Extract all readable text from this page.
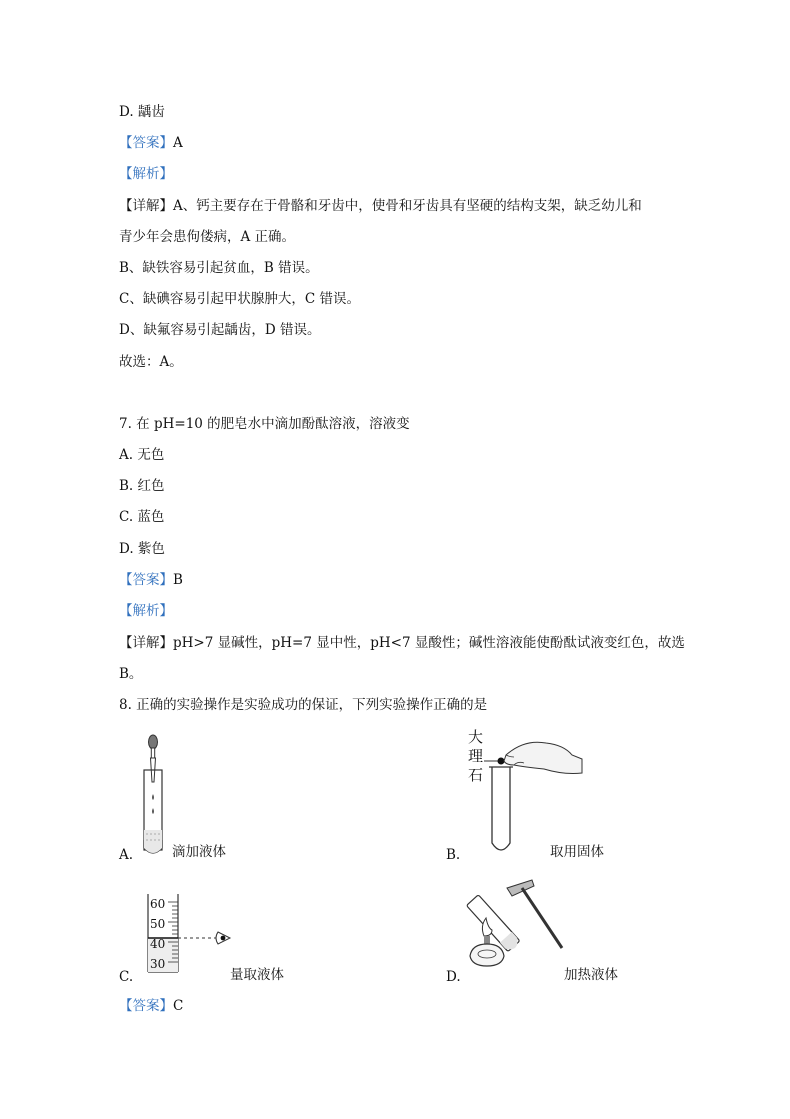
D. 龋齿
【答案】A
【解析】
【详解】A、钙主要存在于骨骼和牙齿中，使骨和牙齿具有坚硬的结构支架，缺乏幼儿和
青少年会患佝偻病，A 正确。
B、缺铁容易引起贫血，B 错误。
C、缺碘容易引起甲状腺肿大，C 错误。
D、缺氟容易引起龋齿，D 错误。
故选：A。
7. 在 pH=10 的肥皂水中滴加酚酞溶液，溶液变
A. 无色
B. 红色
C. 蓝色
D. 紫色
【答案】B
【解析】
【详解】pH>7 显碱性，pH=7 显中性，pH<7 显酸性；碱性溶液能使酚酞试液变红色，故选
B。
8. 正确的实验操作是实验成功的保证，下列实验操作正确的是
A.	滴加液体
大
理
石
B.	取用固体
60
50
40
30
C.	量取液体	D.	加热液体
【答案】C
